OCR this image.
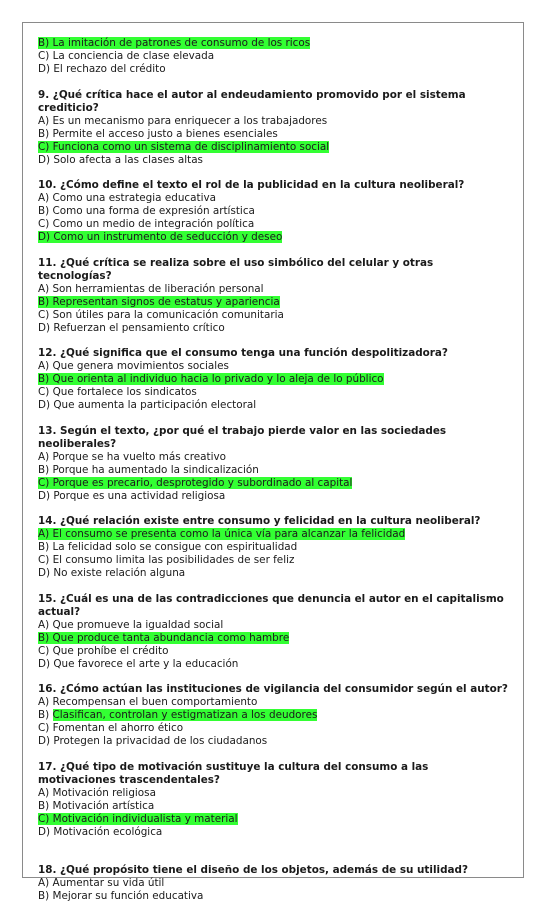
B) La imitación de patrones de consumo de los ricos
C) La conciencia de clase elevada
D) El rechazo del crédito
9. ¿Qué crítica hace el autor al endeudamiento promovido por el sistema crediticio?
A) Es un mecanismo para enriquecer a los trabajadores
B) Permite el acceso justo a bienes esenciales
C) Funciona como un sistema de disciplinamiento social
D) Solo afecta a las clases altas
10. ¿Cómo define el texto el rol de la publicidad en la cultura neoliberal?
A) Como una estrategia educativa
B) Como una forma de expresión artística
C) Como un medio de integración política
D) Como un instrumento de seducción y deseo
11. ¿Qué crítica se realiza sobre el uso simbólico del celular y otras tecnologías?
A) Son herramientas de liberación personal
B) Representan signos de estatus y apariencia
C) Son útiles para la comunicación comunitaria
D) Refuerzan el pensamiento crítico
12. ¿Qué significa que el consumo tenga una función despolitizadora?
A) Que genera movimientos sociales
B) Que orienta al individuo hacia lo privado y lo aleja de lo público
C) Que fortalece los sindicatos
D) Que aumenta la participación electoral
13. Según el texto, ¿por qué el trabajo pierde valor en las sociedades neoliberales?
A) Porque se ha vuelto más creativo
B) Porque ha aumentado la sindicalización
C) Porque es precario, desprotegido y subordinado al capital
D) Porque es una actividad religiosa
14. ¿Qué relación existe entre consumo y felicidad en la cultura neoliberal?
A) El consumo se presenta como la única vía para alcanzar la felicidad
B) La felicidad solo se consigue con espiritualidad
C) El consumo limita las posibilidades de ser feliz
D) No existe relación alguna
15. ¿Cuál es una de las contradicciones que denuncia el autor en el capitalismo actual?
A) Que promueve la igualdad social
B) Que produce tanta abundancia como hambre
C) Que prohíbe el crédito
D) Que favorece el arte y la educación
16. ¿Cómo actúan las instituciones de vigilancia del consumidor según el autor?
A) Recompensan el buen comportamiento
B) Clasifican, controlan y estigmatizan a los deudores
C) Fomentan el ahorro ético
D) Protegen la privacidad de los ciudadanos
17. ¿Qué tipo de motivación sustituye la cultura del consumo a las motivaciones trascendentales?
A) Motivación religiosa
B) Motivación artística
C) Motivación individualista y material
D) Motivación ecológica
18. ¿Qué propósito tiene el diseño de los objetos, además de su utilidad?
A) Aumentar su vida útil
B) Mejorar su función educativa
